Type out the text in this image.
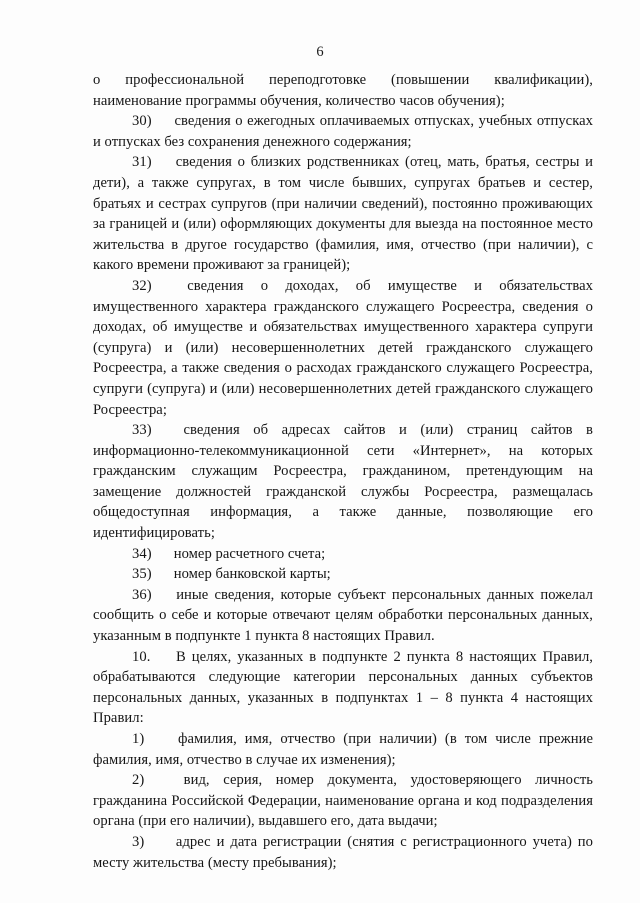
6

о профессиональной переподготовке (повышении квалификации), наименование программы обучения, количество часов обучения);

30) сведения о ежегодных оплачиваемых отпусках, учебных отпусках и отпусках без сохранения денежного содержания;

31) сведения о близких родственниках (отец, мать, братья, сестры и дети), а также супругах, в том числе бывших, супругах братьев и сестер, братьях и сестрах супругов (при наличии сведений), постоянно проживающих за границей и (или) оформляющих документы для выезда на постоянное место жительства в другое государство (фамилия, имя, отчество (при наличии), с какого времени проживают за границей);

32) сведения о доходах, об имуществе и обязательствах имущественного характера гражданского служащего Росреестра, сведения о доходах, об имуществе и обязательствах имущественного характера супруги (супруга) и (или) несовершеннолетних детей гражданского служащего Росреестра, а также сведения о расходах гражданского служащего Росреестра, супруги (супруга) и (или) несовершеннолетних детей гражданского служащего Росреестра;

33) сведения об адресах сайтов и (или) страниц сайтов в информационно-телекоммуникационной сети «Интернет», на которых гражданским служащим Росреестра, гражданином, претендующим на замещение должностей гражданской службы Росреестра, размещалась общедоступная информация, а также данные, позволяющие его идентифицировать;

34) номер расчетного счета;

35) номер банковской карты;

36) иные сведения, которые субъект персональных данных пожелал сообщить о себе и которые отвечают целям обработки персональных данных, указанным в подпункте 1 пункта 8 настоящих Правил.

10. В целях, указанных в подпункте 2 пункта 8 настоящих Правил, обрабатываются следующие категории персональных данных субъектов персональных данных, указанных в подпунктах 1 – 8 пункта 4 настоящих Правил:

1) фамилия, имя, отчество (при наличии) (в том числе прежние фамилия, имя, отчество в случае их изменения);

2)	вид, серия, номер документа, удостоверяющего личность гражданина Российской Федерации, наименование органа и код подразделения органа (при его наличии), выдавшего его, дата выдачи;

3) адрес и дата регистрации (снятия с регистрационного учета) по месту жительства (месту пребывания);
